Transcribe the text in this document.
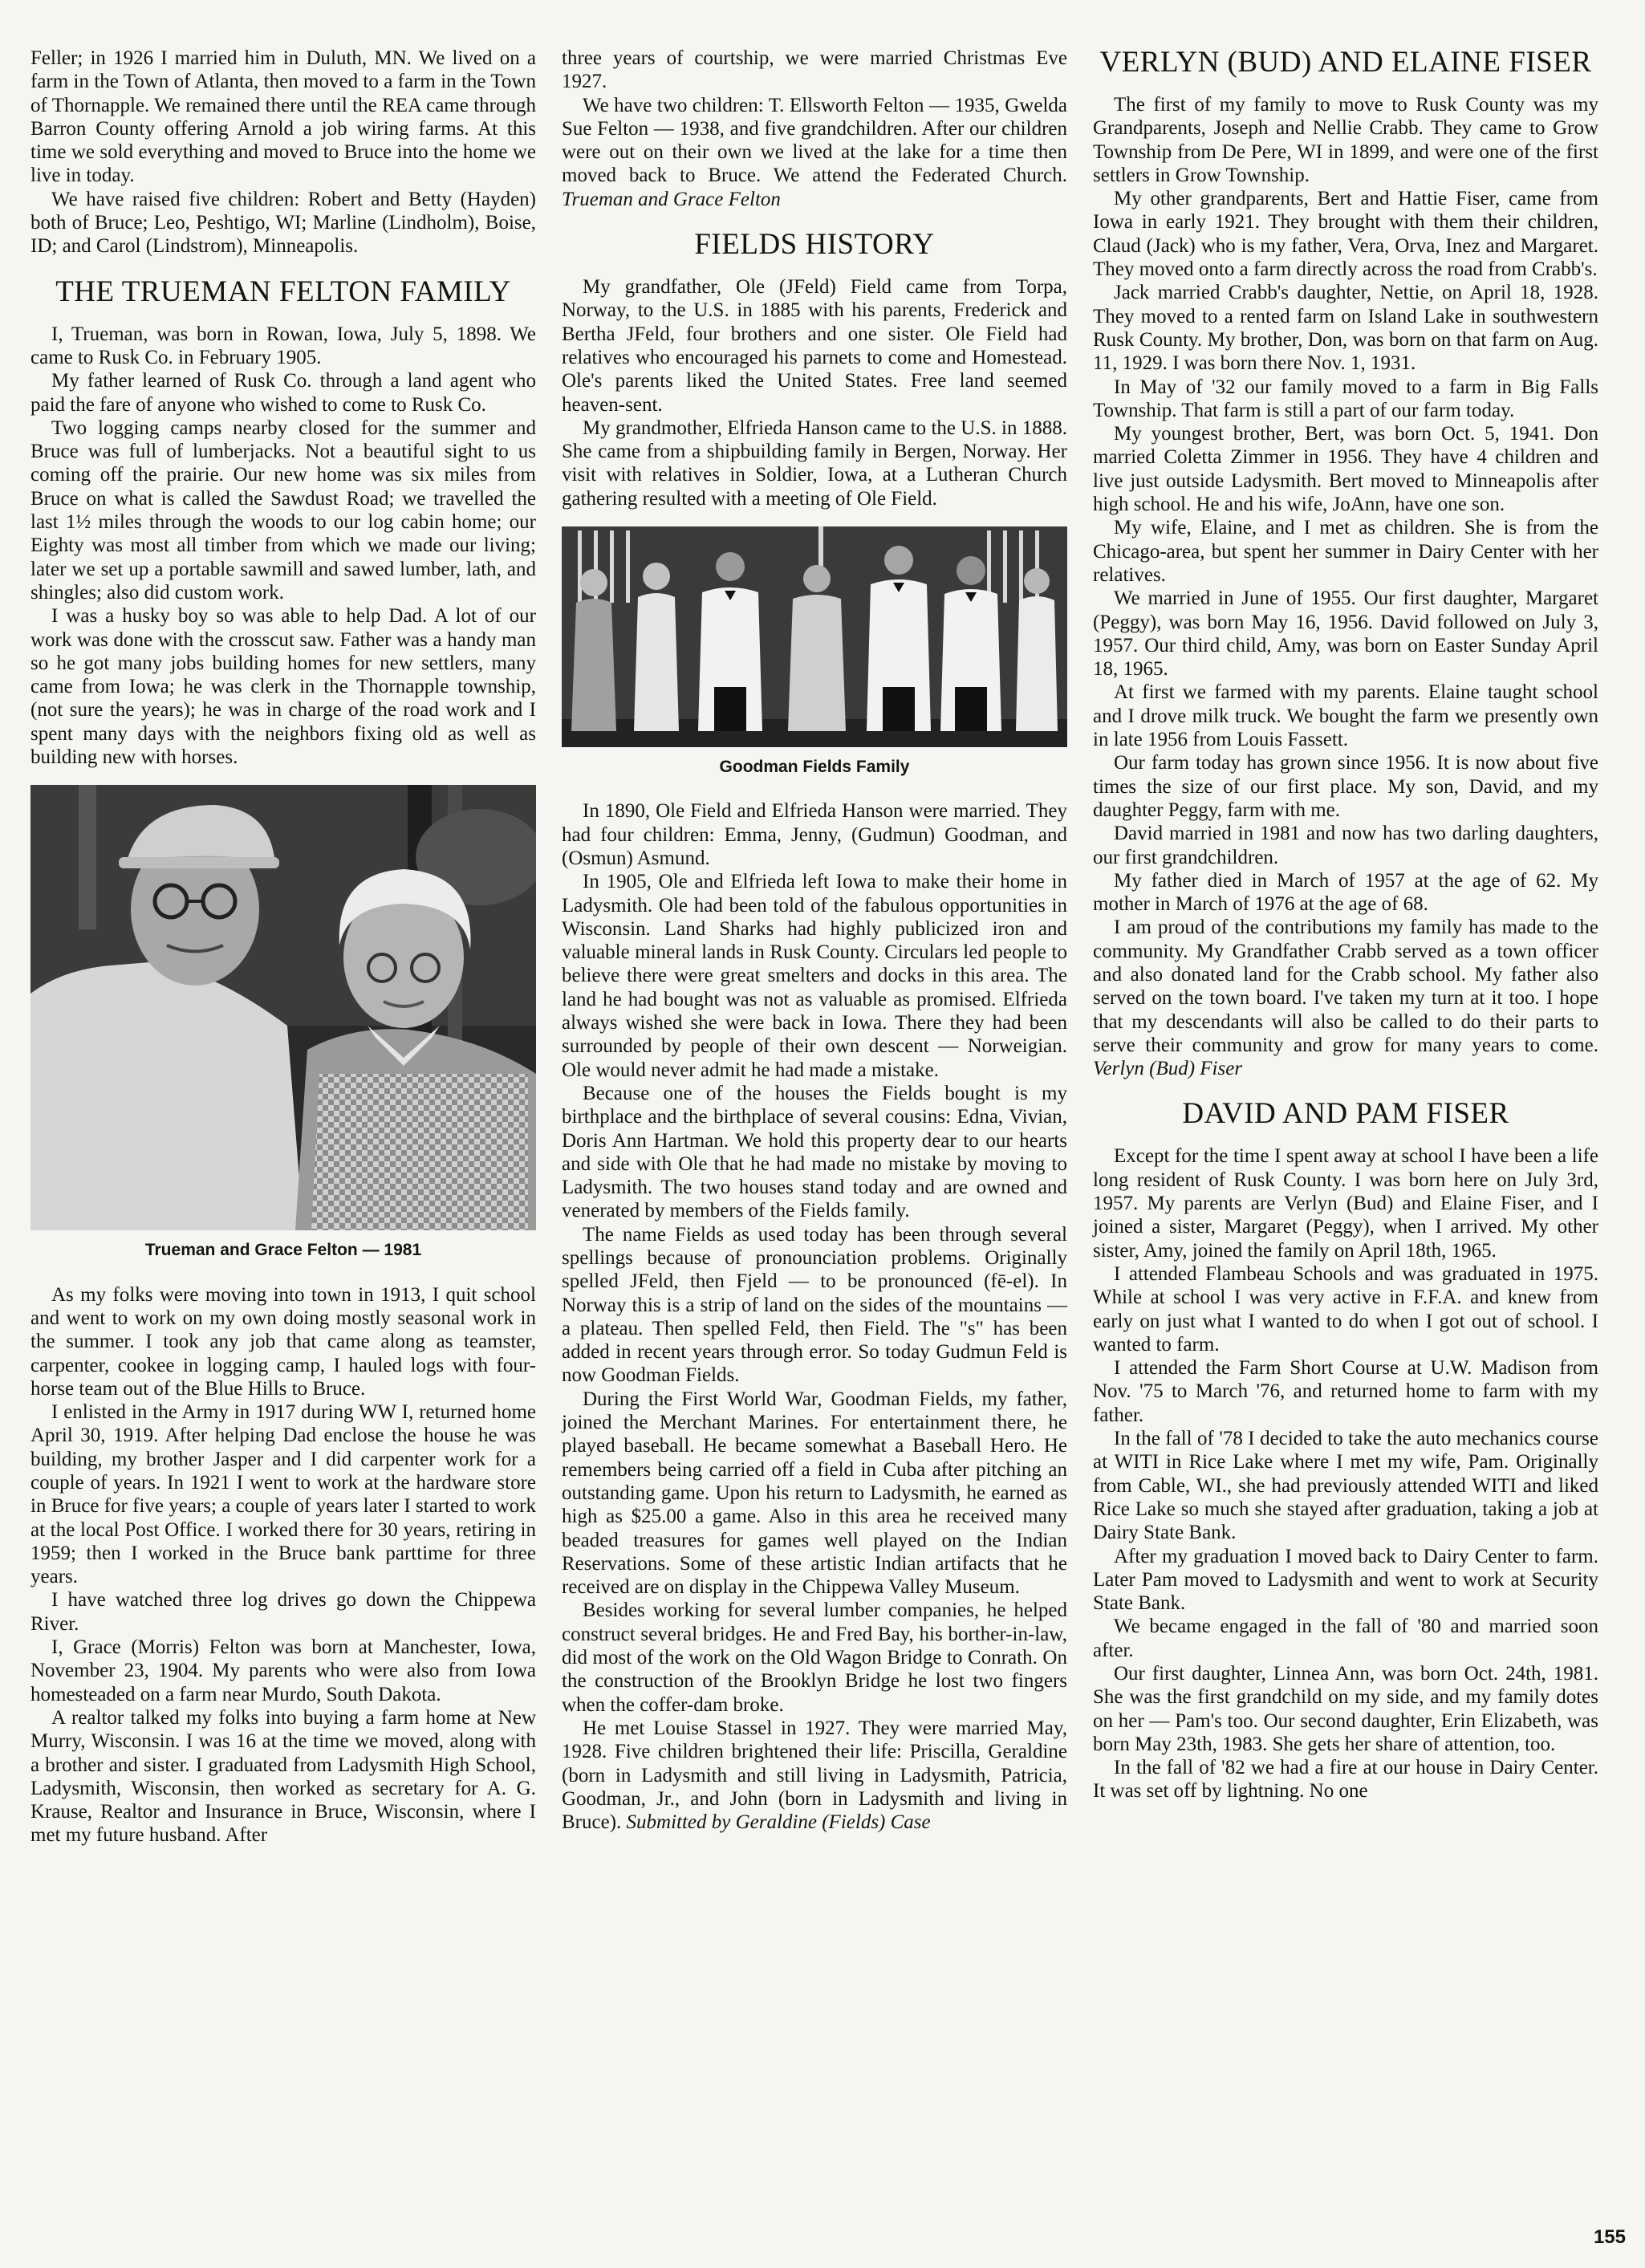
Feller; in 1926 I married him in Duluth, MN. We lived on a farm in the Town of Atlanta, then moved to a farm in the Town of Thornapple. We remained there until the REA came through Barron County offering Arnold a job wiring farms. At this time we sold everything and moved to Bruce into the home we live in today.

We have raised five children: Robert and Betty (Hayden) both of Bruce; Leo, Peshtigo, WI; Marline (Lindholm), Boise, ID; and Carol (Lindstrom), Minneapolis.

THE TRUEMAN FELTON FAMILY

I, Trueman, was born in Rowan, Iowa, July 5, 1898. We came to Rusk Co. in February 1905.

My father learned of Rusk Co. through a land agent who paid the fare of anyone who wished to come to Rusk Co.

Two logging camps nearby closed for the summer and Bruce was full of lumberjacks. Not a beautiful sight to us coming off the prairie. Our new home was six miles from Bruce on what is called the Sawdust Road; we travelled the last 1½ miles through the woods to our log cabin home; our Eighty was most all timber from which we made our living; later we set up a portable sawmill and sawed lumber, lath, and shingles; also did custom work.

I was a husky boy so was able to help Dad. A lot of our work was done with the crosscut saw. Father was a handy man so he got many jobs building homes for new settlers, many came from Iowa; he was clerk in the Thornapple township, (not sure the years); he was in charge of the road work and I spent many days with the neighbors fixing old as well as building new with horses.

Trueman and Grace Felton — 1981

As my folks were moving into town in 1913, I quit school and went to work on my own doing mostly seasonal work in the summer. I took any job that came along as teamster, carpenter, cookee in logging camp, I hauled logs with four-horse team out of the Blue Hills to Bruce.

I enlisted in the Army in 1917 during WW I, returned home April 30, 1919. After helping Dad enclose the house he was building, my brother Jasper and I did carpenter work for a couple of years. In 1921 I went to work at the hardware store in Bruce for five years; a couple of years later I started to work at the local Post Office. I worked there for 30 years, retiring in 1959; then I worked in the Bruce bank parttime for three years.

I have watched three log drives go down the Chippewa River.

I, Grace (Morris) Felton was born at Manchester, Iowa, November 23, 1904. My parents who were also from Iowa homesteaded on a farm near Murdo, South Dakota.

A realtor talked my folks into buying a farm home at New Murry, Wisconsin. I was 16 at the time we moved, along with a brother and sister. I graduated from Ladysmith High School, Ladysmith, Wisconsin, then worked as secretary for A. G. Krause, Realtor and Insurance in Bruce, Wisconsin, where I met my future husband. After

three years of courtship, we were married Christmas Eve 1927.

We have two children: T. Ellsworth Felton — 1935, Gwelda Sue Felton — 1938, and five grandchildren. After our children were out on their own we lived at the lake for a time then moved back to Bruce. We attend the Federated Church. Trueman and Grace Felton

FIELDS HISTORY

My grandfather, Ole (JFeld) Field came from Torpa, Norway, to the U.S. in 1885 with his parents, Frederick and Bertha JFeld, four brothers and one sister. Ole Field had relatives who encouraged his parnets to come and Homestead. Ole's parents liked the United States. Free land seemed heaven-sent.

My grandmother, Elfrieda Hanson came to the U.S. in 1888. She came from a shipbuilding family in Bergen, Norway. Her visit with relatives in Soldier, Iowa, at a Lutheran Church gathering resulted with a meeting of Ole Field.

Goodman Fields Family

In 1890, Ole Field and Elfrieda Hanson were married. They had four children: Emma, Jenny, (Gudmun) Goodman, and (Osmun) Asmund.

In 1905, Ole and Elfrieda left Iowa to make their home in Ladysmith. Ole had been told of the fabulous opportunities in Wisconsin. Land Sharks had highly publicized iron and valuable mineral lands in Rusk County. Circulars led people to believe there were great smelters and docks in this area. The land he had bought was not as valuable as promised. Elfrieda always wished she were back in Iowa. There they had been surrounded by people of their own descent — Norweigian. Ole would never admit he had made a mistake.

Because one of the houses the Fields bought is my birthplace and the birthplace of several cousins: Edna, Vivian, Doris Ann Hartman. We hold this property dear to our hearts and side with Ole that he had made no mistake by moving to Ladysmith. The two houses stand today and are owned and venerated by members of the Fields family.

The name Fields as used today has been through several spellings because of pronounciation problems. Originally spelled JFeld, then Fjeld — to be pronounced (fē-el). In Norway this is a strip of land on the sides of the mountains — a plateau. Then spelled Feld, then Field. The "s" has been added in recent years through error. So today Gudmun Feld is now Goodman Fields.

During the First World War, Goodman Fields, my father, joined the Merchant Marines. For entertainment there, he played baseball. He became somewhat a Baseball Hero. He remembers being carried off a field in Cuba after pitching an outstanding game. Upon his return to Ladysmith, he earned as high as $25.00 a game. Also in this area he received many beaded treasures for games well played on the Indian Reservations. Some of these artistic Indian artifacts that he received are on display in the Chippewa Valley Museum.

Besides working for several lumber companies, he helped construct several bridges. He and Fred Bay, his borther-in-law, did most of the work on the Old Wagon Bridge to Conrath. On the construction of the Brooklyn Bridge he lost two fingers when the coffer-dam broke.

He met Louise Stassel in 1927. They were married May, 1928. Five children brightened their life: Priscilla, Geraldine (born in Ladysmith and still living in Ladysmith, Patricia, Goodman, Jr., and John (born in Ladysmith and living in Bruce). Submitted by Geraldine (Fields) Case

VERLYN (BUD) AND ELAINE FISER

The first of my family to move to Rusk County was my Grandparents, Joseph and Nellie Crabb. They came to Grow Township from De Pere, WI in 1899, and were one of the first settlers in Grow Township.

My other grandparents, Bert and Hattie Fiser, came from Iowa in early 1921. They brought with them their children, Claud (Jack) who is my father, Vera, Orva, Inez and Margaret. They moved onto a farm directly across the road from Crabb's.

Jack married Crabb's daughter, Nettie, on April 18, 1928. They moved to a rented farm on Island Lake in southwestern Rusk County. My brother, Don, was born on that farm on Aug. 11, 1929. I was born there Nov. 1, 1931.

In May of '32 our family moved to a farm in Big Falls Township. That farm is still a part of our farm today.

My youngest brother, Bert, was born Oct. 5, 1941. Don married Coletta Zimmer in 1956. They have 4 children and live just outside Ladysmith. Bert moved to Minneapolis after high school. He and his wife, JoAnn, have one son.

My wife, Elaine, and I met as children. She is from the Chicago-area, but spent her summer in Dairy Center with her relatives.

We married in June of 1955. Our first daughter, Margaret (Peggy), was born May 16, 1956. David followed on July 3, 1957. Our third child, Amy, was born on Easter Sunday April 18, 1965.

At first we farmed with my parents. Elaine taught school and I drove milk truck. We bought the farm we presently own in late 1956 from Louis Fassett.

Our farm today has grown since 1956. It is now about five times the size of our first place. My son, David, and my daughter Peggy, farm with me.

David married in 1981 and now has two darling daughters, our first grandchildren.

My father died in March of 1957 at the age of 62. My mother in March of 1976 at the age of 68.

I am proud of the contributions my family has made to the community. My Grandfather Crabb served as a town officer and also donated land for the Crabb school. My father also served on the town board. I've taken my turn at it too. I hope that my descendants will also be called to do their parts to serve their community and grow for many years to come. Verlyn (Bud) Fiser

DAVID AND PAM FISER

Except for the time I spent away at school I have been a life long resident of Rusk County. I was born here on July 3rd, 1957. My parents are Verlyn (Bud) and Elaine Fiser, and I joined a sister, Margaret (Peggy), when I arrived. My other sister, Amy, joined the family on April 18th, 1965.

I attended Flambeau Schools and was graduated in 1975. While at school I was very active in F.F.A. and knew from early on just what I wanted to do when I got out of school. I wanted to farm.

I attended the Farm Short Course at U.W. Madison from Nov. '75 to March '76, and returned home to farm with my father.

In the fall of '78 I decided to take the auto mechanics course at WITI in Rice Lake where I met my wife, Pam. Originally from Cable, WI., she had previously attended WITI and liked Rice Lake so much she stayed after graduation, taking a job at Dairy State Bank.

After my graduation I moved back to Dairy Center to farm. Later Pam moved to Ladysmith and went to work at Security State Bank.

We became engaged in the fall of '80 and married soon after.

Our first daughter, Linnea Ann, was born Oct. 24th, 1981. She was the first grandchild on my side, and my family dotes on her — Pam's too. Our second daughter, Erin Elizabeth, was born May 23th, 1983. She gets her share of attention, too.

In the fall of '82 we had a fire at our house in Dairy Center. It was set off by lightning. No one

155
